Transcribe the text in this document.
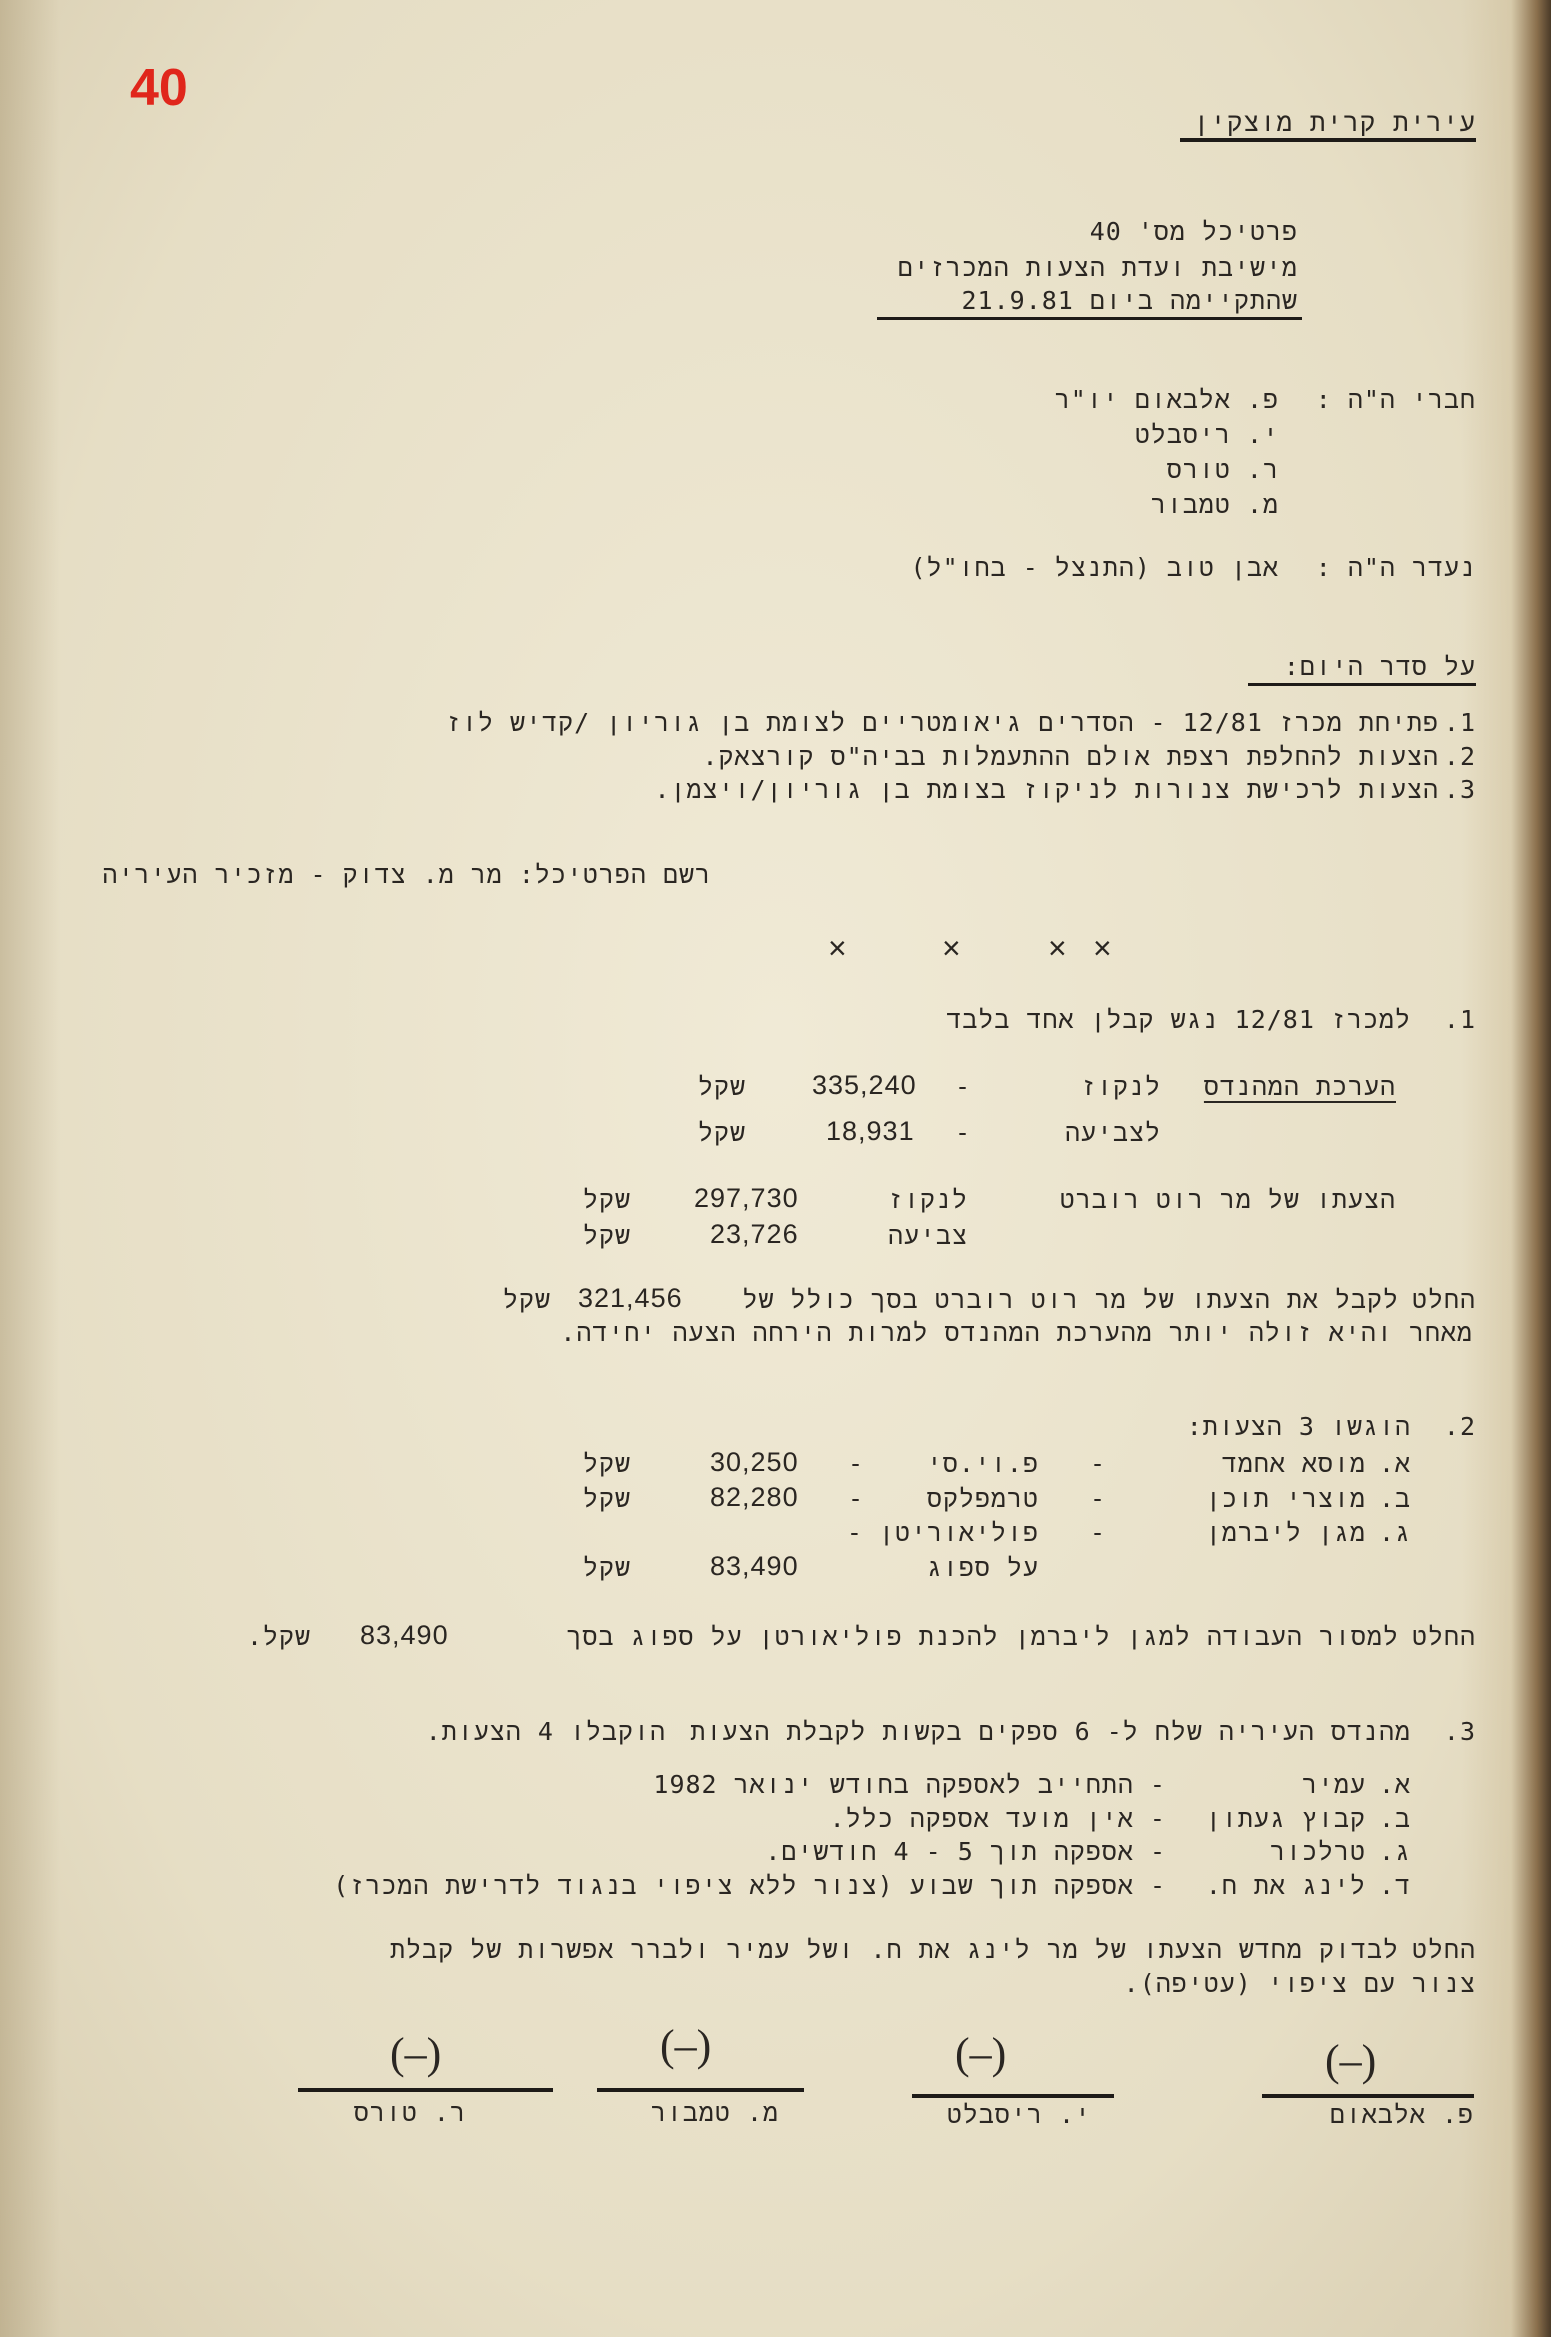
40
עירית קרית מוצקין
פרטיכל מס' 40
מישיבת ועדת הצעות המכרזים
שהתקיימה ביום 21.9.81
חברי ה"ה :
פ. אלבאום יו"ר
י. ריסבלט
ר. טורס
מ. טמבור
נעדר ה"ה :
אבן טוב (התנצל - בחו"ל)
על סדר היום:
1.
פתיחת מכרז 12/81 - הסדרים גיאומטריים לצומת בן גוריון /קדיש לוז
2.
הצעות להחלפת רצפת אולם ההתעמלות בביה"ס קורצאק.
3.
הצעות לרכישת צנורות לניקוז בצומת בן גוריון/ויצמן.
רשם הפרטיכל: מר מ. צדוק - מזכיר העיריה
×	×	× ×
1.
למכרז 12/81 נגש קבלן אחד בלבד
הערכת המהנדס
לנקוז
-
335,240
שקל
לצביעה
-
18,931
שקל
הצעתו של מר רוט רוברט
לנקוז
297,730
שקל
צביעה
23,726
שקל
החלט
לקבל את הצעתו של מר רוט רוברט בסך כולל של
321,456
שקל
מאחר והיא זולה יותר מהערכת המהנדס למרות הירחה הצעה יחידה.
2.
הוגשו 3 הצעות:
א.
מוסא אחמד
-
פ.וי.סי
-
30,250
שקל
ב.
מוצרי תוכן
-
טרמפלקס
-
82,280
שקל
ג.
מגן ליברמן
-
פוליאוריטן -
על ספוג
83,490
שקל
החלט
למסור העבודה למגן ליברמן להכנת פוליאורטן על ספוג בסך
83,490
שקל.
3.
מהנדס העיריה שלח ל- 6 ספקים בקשות לקבלת הצעות
הוקבלו 4 הצעות.
א.
עמיר
- התחייב לאספקה בחודש ינואר 1982
ב.
קבוץ געתון
- אין מועד אספקה כלל.
ג.
טרלכור
- אספקה תוך 5 - 4 חודשים.
ד.
לינג את ח.
- אספקה תוך שבוע (צנור ללא ציפוי בנגוד לדרישת המכרז)
החלט
לבדוק מחדש הצעתו של מר לינג את ח. ושל עמיר ולברר אפשרות של קבלת
צנור עם ציפוי (עטיפה).
(–)
פ. אלבאום
(–)
י. ריסבלט
(–)
מ. טמבור
(–)
ר. טורס
